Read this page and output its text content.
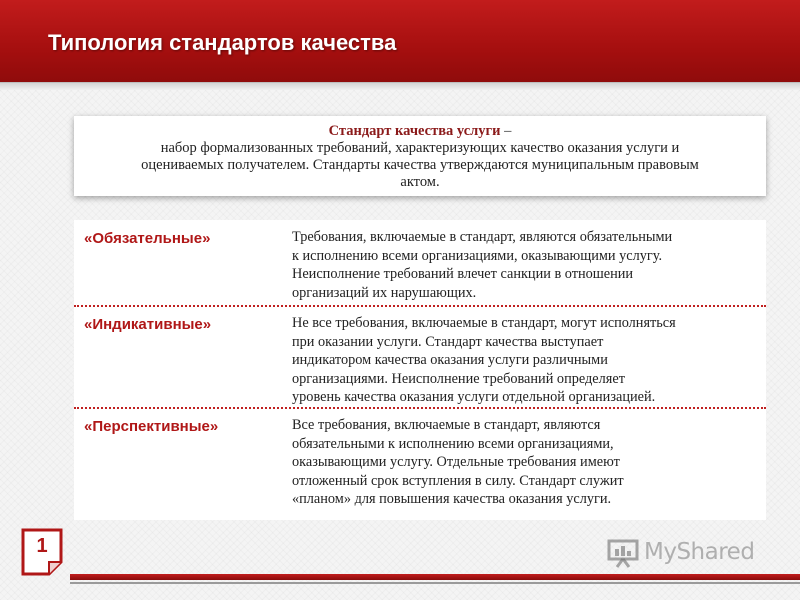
Типология стандартов качества
Стандарт качества услуги –
набор формализованных требований, характеризующих качество оказания услуги и
оцениваемых получателем. Стандарты качества утверждаются муниципальным правовым
актом.
«Обязательные»	Требования, включаемые в стандарт, являются обязательными
к исполнению всеми организациями, оказывающими услугу.
Неисполнение требований влечет санкции в отношении
организаций их нарушающих.
«Индикативные»	Не все требования, включаемые в стандарт, могут исполняться
при оказании услуги. Стандарт качества выступает
индикатором качества оказания услуги различными
организациями. Неисполнение требований определяет
уровень качества оказания услуги отдельной организацией.
«Перспективные»	Все требования, включаемые в стандарт, являются
обязательными к исполнению всеми организациями,
оказывающими услугу. Отдельные требования имеют
отложенный срок вступления в силу. Стандарт служит
«планом» для повышения качества оказания услуги.
1	MyShared
